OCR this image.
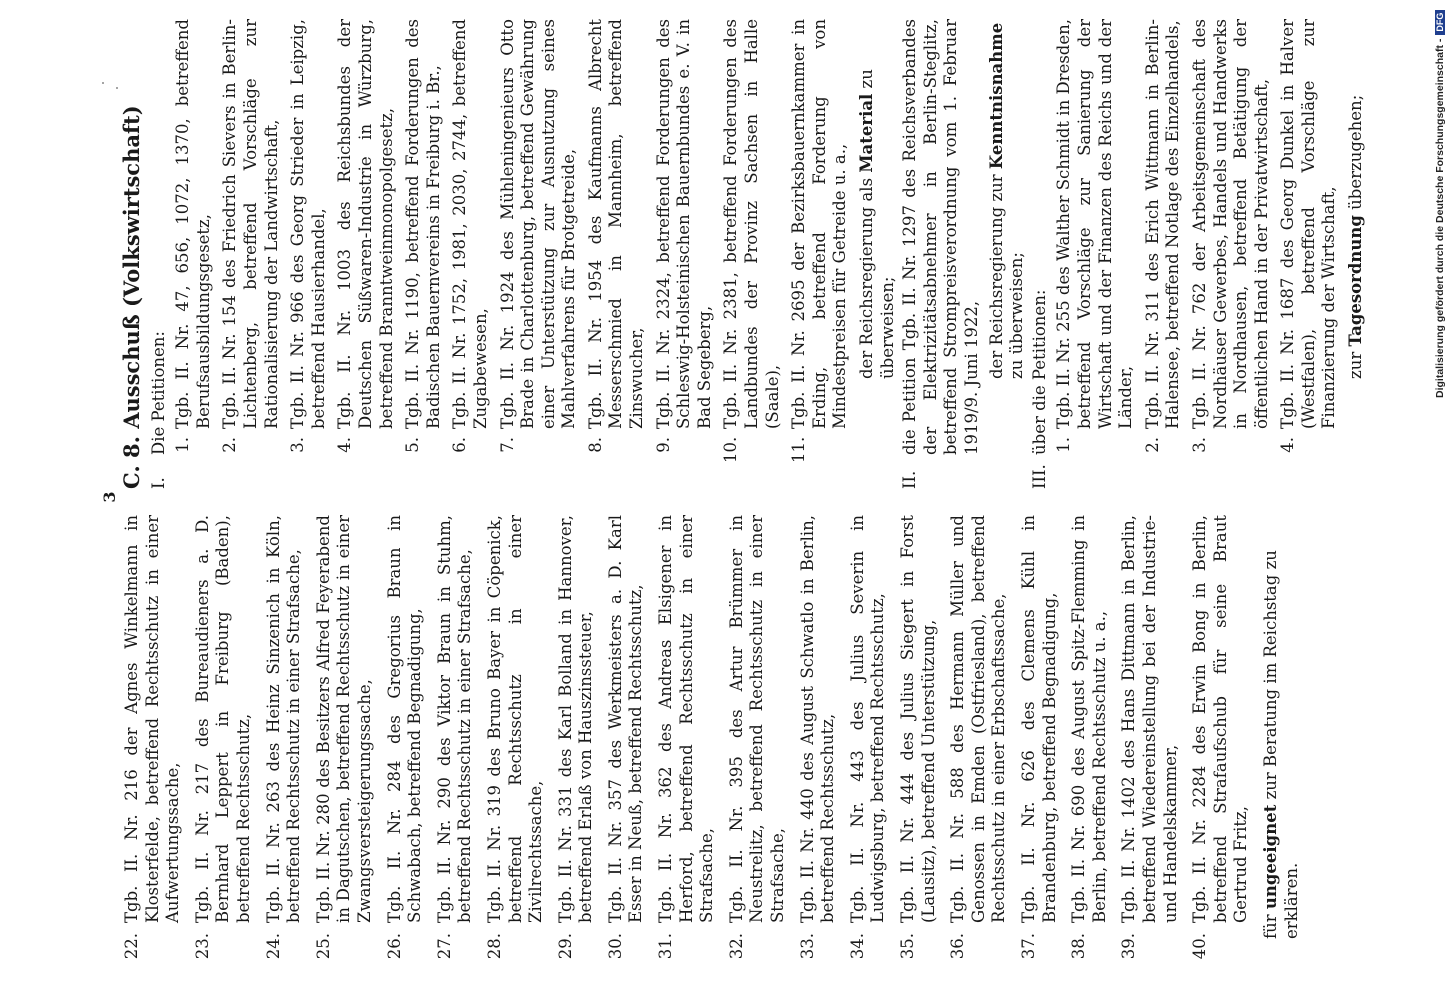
3
22.
Tgb. II. Nr. 216 der Agnes Winkelmann in Klosterfelde, betreffend Rechtsschutz in einer Aufwertungssache,
23.
Tgb. II. Nr. 217 des Bureaudieners a. D. Bernhard Leppert in Freiburg (Baden), betreffend Rechtsschutz,
24.
Tgb. II. Nr. 263 des Heinz Sinzenich in Köln, betreffend Rechtsschutz in einer Strafsache,
25.
Tgb. II. Nr. 280 des Besitzers Alfred Feyerabend in Dagutschen, betreffend Rechtsschutz in einer Zwangsversteigerungssache,
26.
Tgb. II. Nr. 284 des Gregorius Braun in Schwabach, betreffend Begnadigung,
27.
Tgb. II. Nr. 290 des Viktor Braun in Stuhm, betreffend Rechtsschutz in einer Strafsache,
28.
Tgb. II. Nr. 319 des Bruno Bayer in Cöpenick, betreffend Rechtsschutz in einer Zivilrechtssache,
29.
Tgb. II. Nr. 331 des Karl Bolland in Hannover, betreffend Erlaß von Hauszinssteuer,
30.
Tgb. II. Nr. 357 des Werkmeisters a. D. Karl Esser in Neuß, betreffend Rechtsschutz,
31.
Tgb. II. Nr. 362 des Andreas Elsigener in Herford, betreffend Rechtsschutz in einer Strafsache,
32.
Tgb. II. Nr. 395 des Artur Brümmer in Neustrelitz, betreffend Rechtsschutz in einer Strafsache,
33.
Tgb. II. Nr. 440 des August Schwatlo in Berlin, betreffend Rechtsschutz,
34.
Tgb. II. Nr. 443 des Julius Severin in Ludwigsburg, betreffend Rechtsschutz,
35.
Tgb. II. Nr. 444 des Julius Siegert in Forst (Lausitz), betreffend Unterstützung,
36.
Tgb. II. Nr. 588 des Hermann Müller und Genossen in Emden (Ostfriesland), betreffend Rechtsschutz in einer Erbschaftssache,
37.
Tgb. II. Nr. 626 des Clemens Kühl in Brandenburg, betreffend Begnadigung,
38.
Tgb. II. Nr. 690 des August Spitz-Flemming in Berlin, betreffend Rechtsschutz u. a.,
39.
Tgb. II. Nr. 1402 des Hans Dittmann in Berlin, betreffend Wiedereinstellung bei der Industrie- und Handelskammer,
40.
Tgb. II. Nr. 2284 des Erwin Bong in Berlin, betreffend Strafaufschub für seine Braut Gertrud Fritz,
für ungeeignet zur Beratung im Reichstag zu erklären.
C. 8. Ausschuß (Volkswirtschaft) I.
Die Petitionen: 1.
Tgb. II. Nr. 47, 656, 1072, 1370, betreffend Berufsausbildungsgesetz,
2.
Tgb. II. Nr. 154 des Friedrich Sievers in Berlin-Lichtenberg, betreffend Vorschläge zur Rationalisierung der Landwirtschaft,
3.
Tgb. II. Nr. 966 des Georg Strieder in Leipzig, betreffend Hausierhandel,
4.
Tgb. II. Nr. 1003 des Reichsbundes der Deutschen Süßwaren-Industrie in Würzburg, betreffend Branntweinmonopolgesetz,
5.
Tgb. II. Nr. 1190, betreffend Forderungen des Badischen Bauernvereins in Freiburg i. Br.,
6.
Tgb. II. Nr. 1752, 1981, 2030, 2744, betreffend Zugabewesen,
7.
Tgb. II. Nr. 1924 des Mühleningenieurs Otto Brade in Charlottenburg, betreffend Gewährung einer Unterstützung zur Ausnutzung seines Mahlverfahrens für Brotgetreide,
8.
Tgb. II. Nr. 1954 des Kaufmanns Albrecht Messerschmied in Mannheim, betreffend Zinswucher,
9.
Tgb. II. Nr. 2324, betreffend Forderungen des Schleswig-Holsteinischen Bauernbundes e. V. in Bad Segeberg,
10.
Tgb. II. Nr. 2381, betreffend Forderungen des Landbundes der Provinz Sachsen in Halle (Saale),
11.
Tgb. II. Nr. 2695 der Bezirksbauernkammer in Erding, betreffend Forderung von Mindestpreisen für Getreide u. a., der Reichsregierung als Material zu überweisen;
II.
die Petition Tgb. II. Nr. 1297 des Reichsverbandes der Elektrizitätsabnehmer in Berlin-Steglitz, betreffend Strompreisverordnung vom 1. Februar 1919/9. Juni 1922, der Reichsregierung zur Kenntnisnahme zu überweisen;
III.
über die Petitionen: 1.
Tgb. II. Nr. 255 des Walther Schmidt in Dresden, betreffend Vorschläge zur Sanierung der Wirtschaft und der Finanzen des Reichs und der Länder,
2.
Tgb. II. Nr. 311 des Erich Wittmann in Berlin-Halensee, betreffend Notlage des Einzelhandels,
3.
Tgb. II. Nr. 762 der Arbeitsgemeinschaft des Nordhäuser Gewerbes, Handels und Handwerks in Nordhausen, betreffend Betätigung der öffentlichen Hand in der Privatwirtschaft,
4.
Tgb. II. Nr. 1687 des Georg Dunkel in Halver (Westfalen), betreffend Vorschläge zur Finanzierung der Wirtschaft, zur Tagesordnung überzugehen;	Digitalisierung gefördert durch die Deutsche Forschungsgemeinschaft -DFG
